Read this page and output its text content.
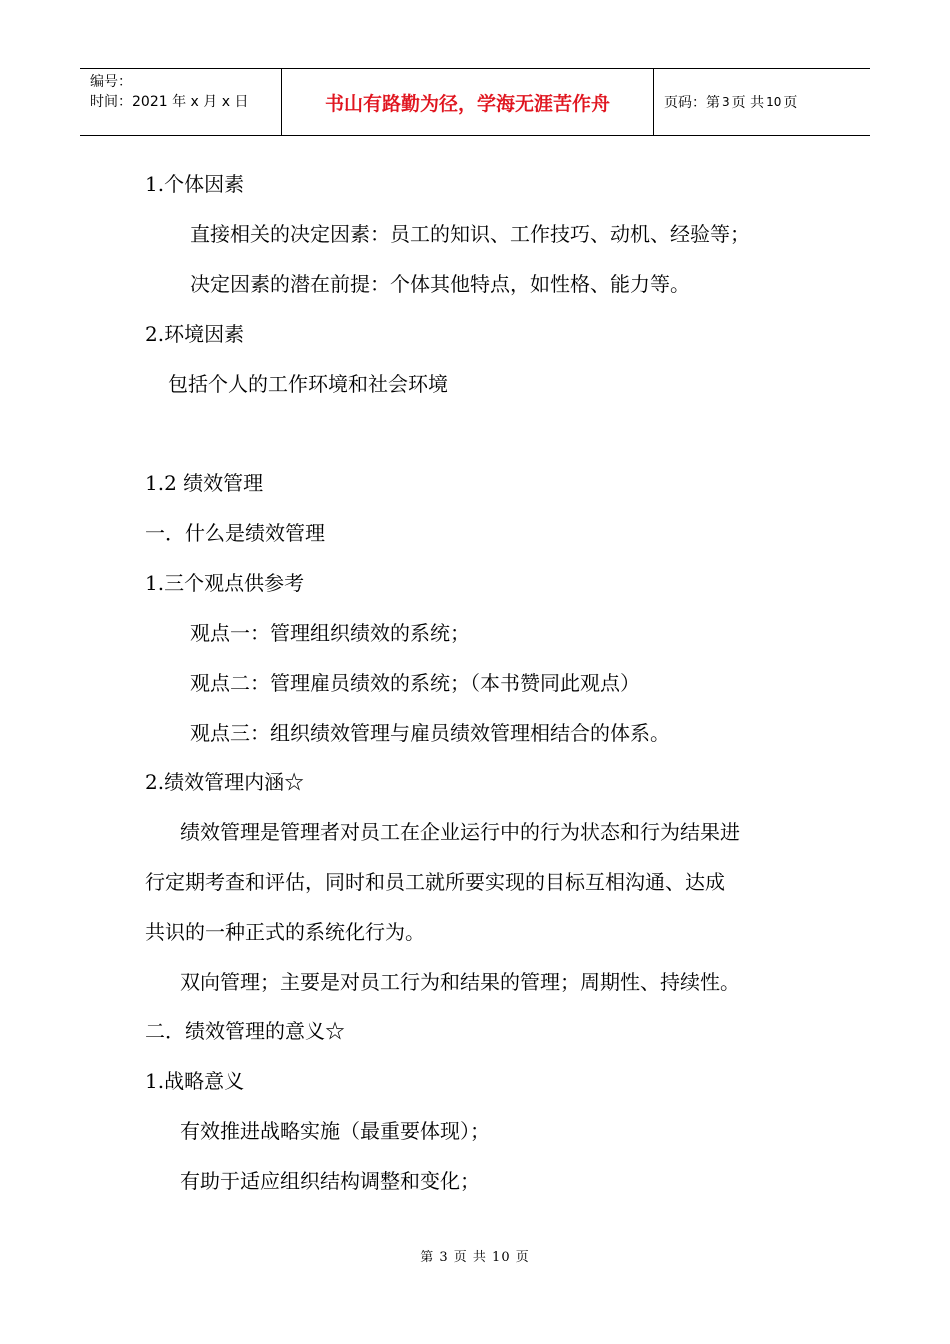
编号：
时间：2021 年 x 月 x 日	书山有路勤为径，学海无涯苦作舟	页码：第 3 页 共 10 页
1.个体因素
直接相关的决定因素：员工的知识、工作技巧、动机、经验等；
决定因素的潜在前提：个体其他特点，如性格、能力等。
2.环境因素
包括个人的工作环境和社会环境
1.2 绩效管理
一．什么是绩效管理
1.三个观点供参考
观点一：管理组织绩效的系统；
观点二：管理雇员绩效的系统；（本书赞同此观点）
观点三：组织绩效管理与雇员绩效管理相结合的体系。
2.绩效管理内涵☆
绩效管理是管理者对员工在企业运行中的行为状态和行为结果进
行定期考查和评估，同时和员工就所要实现的目标互相沟通、达成
共识的一种正式的系统化行为。
双向管理；主要是对员工行为和结果的管理；周期性、持续性。
二．绩效管理的意义☆
1.战略意义
有效推进战略实施（最重要体现）；
有助于适应组织结构调整和变化；
第 3 页 共 10 页
